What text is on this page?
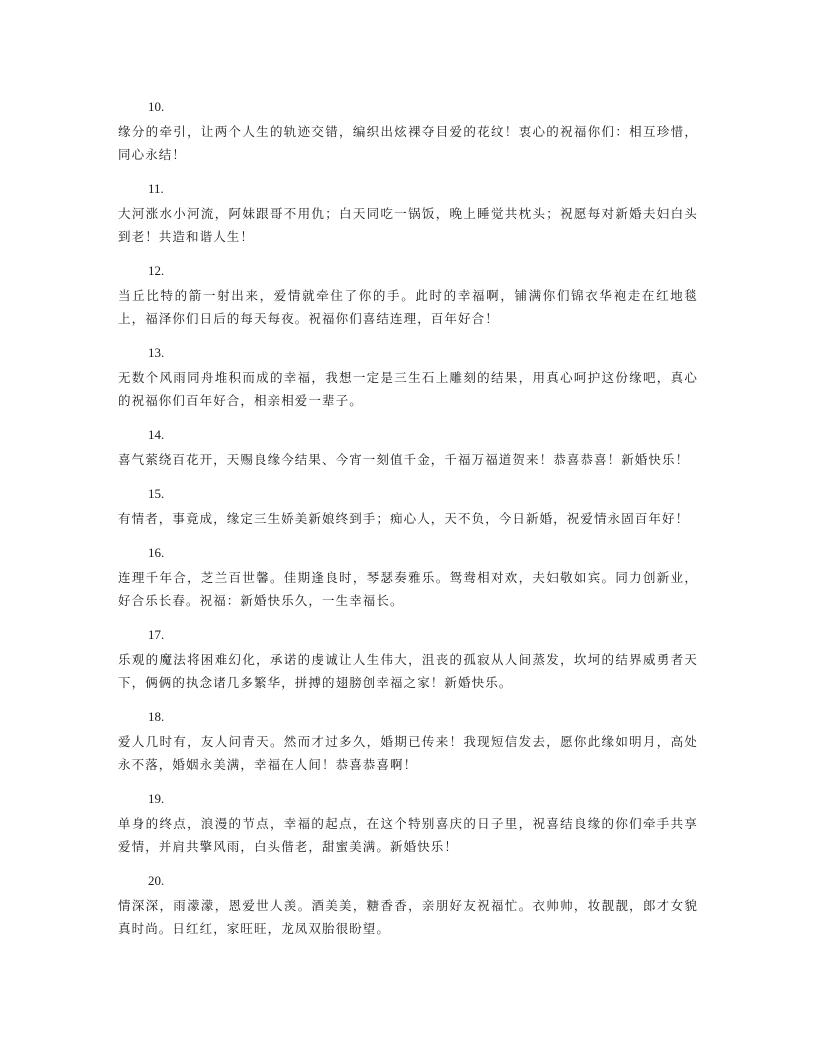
10.
缘分的牵引，让两个人生的轨迹交错，编织出炫裸夺目爱的花纹！衷心的祝福你们：相互珍惜，同心永结！
11.
大河涨水小河流，阿妹跟哥不用仇；白天同吃一锅饭，晚上睡觉共枕头；祝愿每对新婚夫妇白头到老！共造和谐人生！
12.
当丘比特的箭一射出来，爱情就牵住了你的手。此时的幸福啊，铺满你们锦衣华袍走在红地毯上，福泽你们日后的每天每夜。祝福你们喜结连理，百年好合！
13.
无数个风雨同舟堆积而成的幸福，我想一定是三生石上雕刻的结果，用真心呵护这份缘吧，真心的祝福你们百年好合，相亲相爱一辈子。
14.
喜气萦绕百花开，天赐良缘今结果、今宵一刻值千金，千福万福道贺来！恭喜恭喜！新婚快乐！
15.
有情者，事竟成，缘定三生娇美新娘终到手；痴心人，天不负，今日新婚，祝爱情永固百年好！
16.
连理千年合，芝兰百世馨。佳期逢良时，琴瑟奏雅乐。鸳鸯相对欢，夫妇敬如宾。同力创新业，好合乐长春。祝福：新婚快乐久，一生幸福长。
17.
乐观的魔法将困难幻化，承诺的虔诚让人生伟大，沮丧的孤寂从人间蒸发，坎坷的结界威勇者天下，俩俩的执念诸几多繁华，拼搏的翅膀创幸福之家！新婚快乐。
18.
爱人几时有，友人问青天。然而才过多久，婚期已传来！我现短信发去，愿你此缘如明月，高处永不落，婚姻永美满，幸福在人间！恭喜恭喜啊！
19.
单身的终点，浪漫的节点，幸福的起点，在这个特别喜庆的日子里，祝喜结良缘的你们牵手共享爱情，并肩共擎风雨，白头偕老，甜蜜美满。新婚快乐！
20.
情深深，雨濛濛，恩爱世人羡。酒美美，糖香香，亲朋好友祝福忙。衣帅帅，妆靓靓，郎才女貌真时尚。日红红，家旺旺，龙凤双胎很盼望。
